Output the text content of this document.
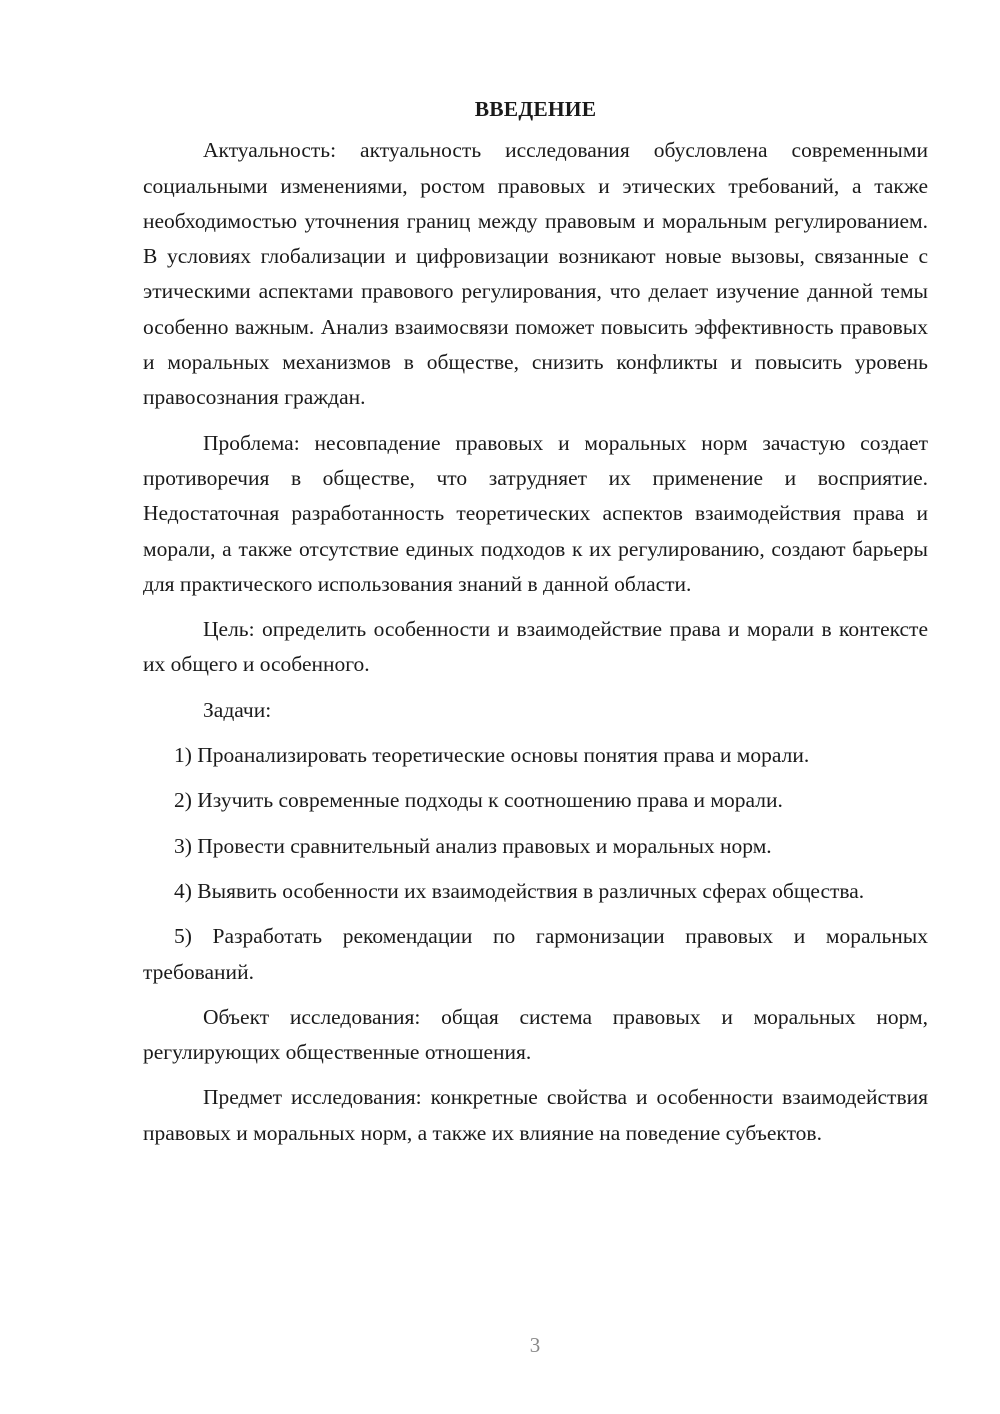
ВВЕДЕНИЕ

Актуальность: актуальность исследования обусловлена современными социальными изменениями, ростом правовых и этических требований, а также необходимостью уточнения границ между правовым и моральным регулированием. В условиях глобализации и цифровизации возникают новые вызовы, связанные с этическими аспектами правового регулирования, что делает изучение данной темы особенно важным. Анализ взаимосвязи поможет повысить эффективность правовых и моральных механизмов в обществе, снизить конфликты и повысить уровень правосознания граждан.

Проблема: несовпадение правовых и моральных норм зачастую создает противоречия в обществе, что затрудняет их применение и восприятие. Недостаточная разработанность теоретических аспектов взаимодействия права и морали, а также отсутствие единых подходов к их регулированию, создают барьеры для практического использования знаний в данной области.

Цель: определить особенности и взаимодействие права и морали в контексте их общего и особенного.

Задачи:

1) Проанализировать теоретические основы понятия права и морали.

2) Изучить современные подходы к соотношению права и морали.

3) Провести сравнительный анализ правовых и моральных норм.

4) Выявить особенности их взаимодействия в различных сферах общества.

5) Разработать рекомендации по гармонизации правовых и моральных требований.

Объект исследования: общая система правовых и моральных норм, регулирующих общественные отношения.

Предмет исследования: конкретные свойства и особенности взаимодействия правовых и моральных норм, а также их влияние на поведение субъектов.

3
